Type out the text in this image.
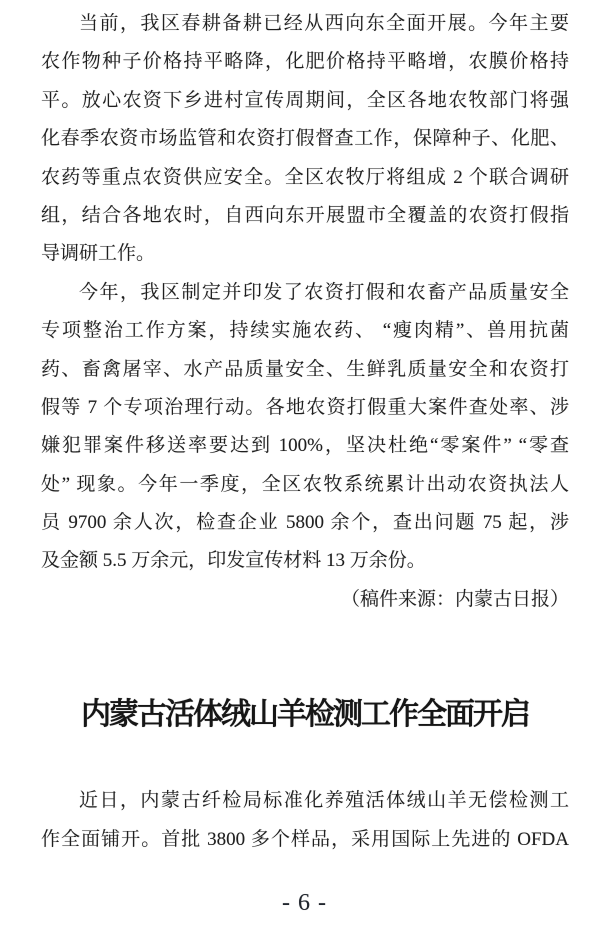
当前，我区春耕备耕已经从西向东全面开展。今年主要
农作物种子价格持平略降，化肥价格持平略增，农膜价格持
平。放心农资下乡进村宣传周期间，全区各地农牧部门将强
化春季农资市场监管和农资打假督查工作，保障种子、化肥、
农药等重点农资供应安全。全区农牧厅将组成 2 个联合调研
组，结合各地农时，自西向东开展盟市全覆盖的农资打假指
导调研工作。
今年，我区制定并印发了农资打假和农畜产品质量安全
专项整治工作方案，持续实施农药、 “瘦肉精”、兽用抗菌
药、畜禽屠宰、水产品质量安全、生鲜乳质量安全和农资打
假等 7 个专项治理行动。各地农资打假重大案件查处率、涉
嫌犯罪案件移送率要达到 100%，坚决杜绝“零案件” “零查
处” 现象。今年一季度，全区农牧系统累计出动农资执法人
员 9700 余人次，检查企业 5800 余个，查出问题 75 起，涉
及金额 5.5 万余元，印发宣传材料 13 万余份。
（稿件来源：内蒙古日报）
内蒙古活体绒山羊检测工作全面开启
近日，内蒙古纤检局标准化养殖活体绒山羊无偿检测工
作全面铺开。首批 3800 多个样品，采用国际上先进的 OFDA
- 6 -
